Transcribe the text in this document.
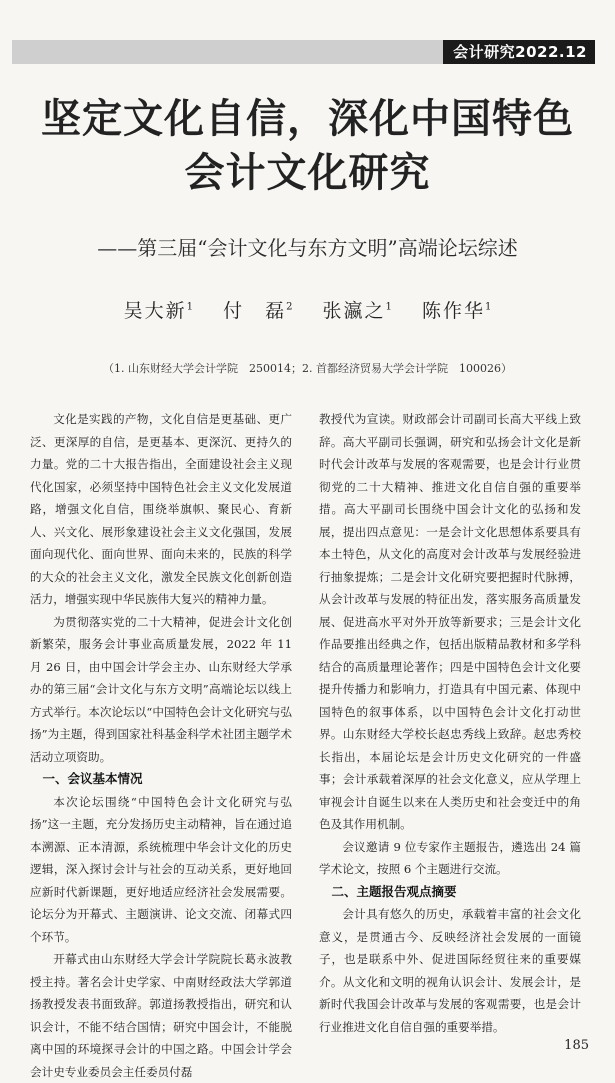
会计研究2022.12
坚定文化自信，深化中国特色
会计文化研究
——第三届“会计文化与东方文明”高端论坛综述
吴大新$^1$ 付　磊$^2$ 张瀛之$^1$ 陈作华$^1$
（1. 山东财经大学会计学院　250014；2. 首都经济贸易大学会计学院　100026）

文化是实践的产物，文化自信是更基础、更广泛、更深厚的自信，是更基本、更深沉、更持久的力量。党的二十大报告指出，全面建设社会主义现代化国家，必须坚持中国特色社会主义文化发展道路，增强文化自信，围绕举旗帜、聚民心、育新人、兴文化、展形象建设社会主义文化强国，发展面向现代化、面向世界、面向未来的，民族的科学的大众的社会主义文化，激发全民族文化创新创造活力，增强实现中华民族伟大复兴的精神力量。

为贯彻落实党的二十大精神，促进会计文化创新繁荣，服务会计事业高质量发展，2022 年 11 月 26 日，由中国会计学会主办、山东财经大学承办的第三届“会计文化与东方文明”高端论坛以线上方式举行。本次论坛以“中国特色会计文化研究与弘扬”为主题，得到国家社科基金科学术社团主题学术活动立项资助。

一、会议基本情况

本次论坛围绕“中国特色会计文化研究与弘扬”这一主题，充分发扬历史主动精神，旨在通过追本溯源、正本清源，系统梳理中华会计文化的历史逻辑，深入探讨会计与社会的互动关系，更好地回应新时代新课题，更好地适应经济社会发展需要。论坛分为开幕式、主题演讲、论文交流、闭幕式四个环节。

开幕式由山东财经大学会计学院院长葛永波教授主持。著名会计史学家、中南财经政法大学郭道扬教授发表书面致辞。郭道扬教授指出，研究和认识会计，不能不结合国情；研究中国会计，不能脱离中国的环境探寻会计的中国之路。中国会计学会会计史专业委员会主任委员付磊

教授代为宣读。财政部会计司副司长高大平线上致辞。高大平副司长强调，研究和弘扬会计文化是新时代会计改革与发展的客观需要，也是会计行业贯彻党的二十大精神、推进文化自信自强的重要举措。高大平副司长围绕中国会计文化的弘扬和发展，提出四点意见：一是会计文化思想体系要具有本土特色，从文化的高度对会计改革与发展经验进行抽象提炼；二是会计文化研究要把握时代脉搏，从会计改革与发展的特征出发，落实服务高质量发展、促进高水平对外开放等新要求；三是会计文化作品要推出经典之作，包括出版精品教材和多学科结合的高质量理论著作；四是中国特色会计文化要提升传播力和影响力，打造具有中国元素、体现中国特色的叙事体系，以中国特色会计文化打动世界。山东财经大学校长赵忠秀线上致辞。赵忠秀校长指出，本届论坛是会计历史文化研究的一件盛事；会计承载着深厚的社会文化意义，应从学理上审视会计自诞生以来在人类历史和社会变迁中的角色及其作用机制。

会议邀请 9 位专家作主题报告，遴选出 24 篇学术论文，按照 6 个主题进行交流。

二、主题报告观点摘要

会计具有悠久的历史，承载着丰富的社会文化意义，是贯通古今、反映经济社会发展的一面镜子，也是联系中外、促进国际经贸往来的重要媒介。从文化和文明的视角认识会计、发展会计，是新时代我国会计改革与发展的客观需要，也是会计行业推进文化自信自强的重要举措。

185
